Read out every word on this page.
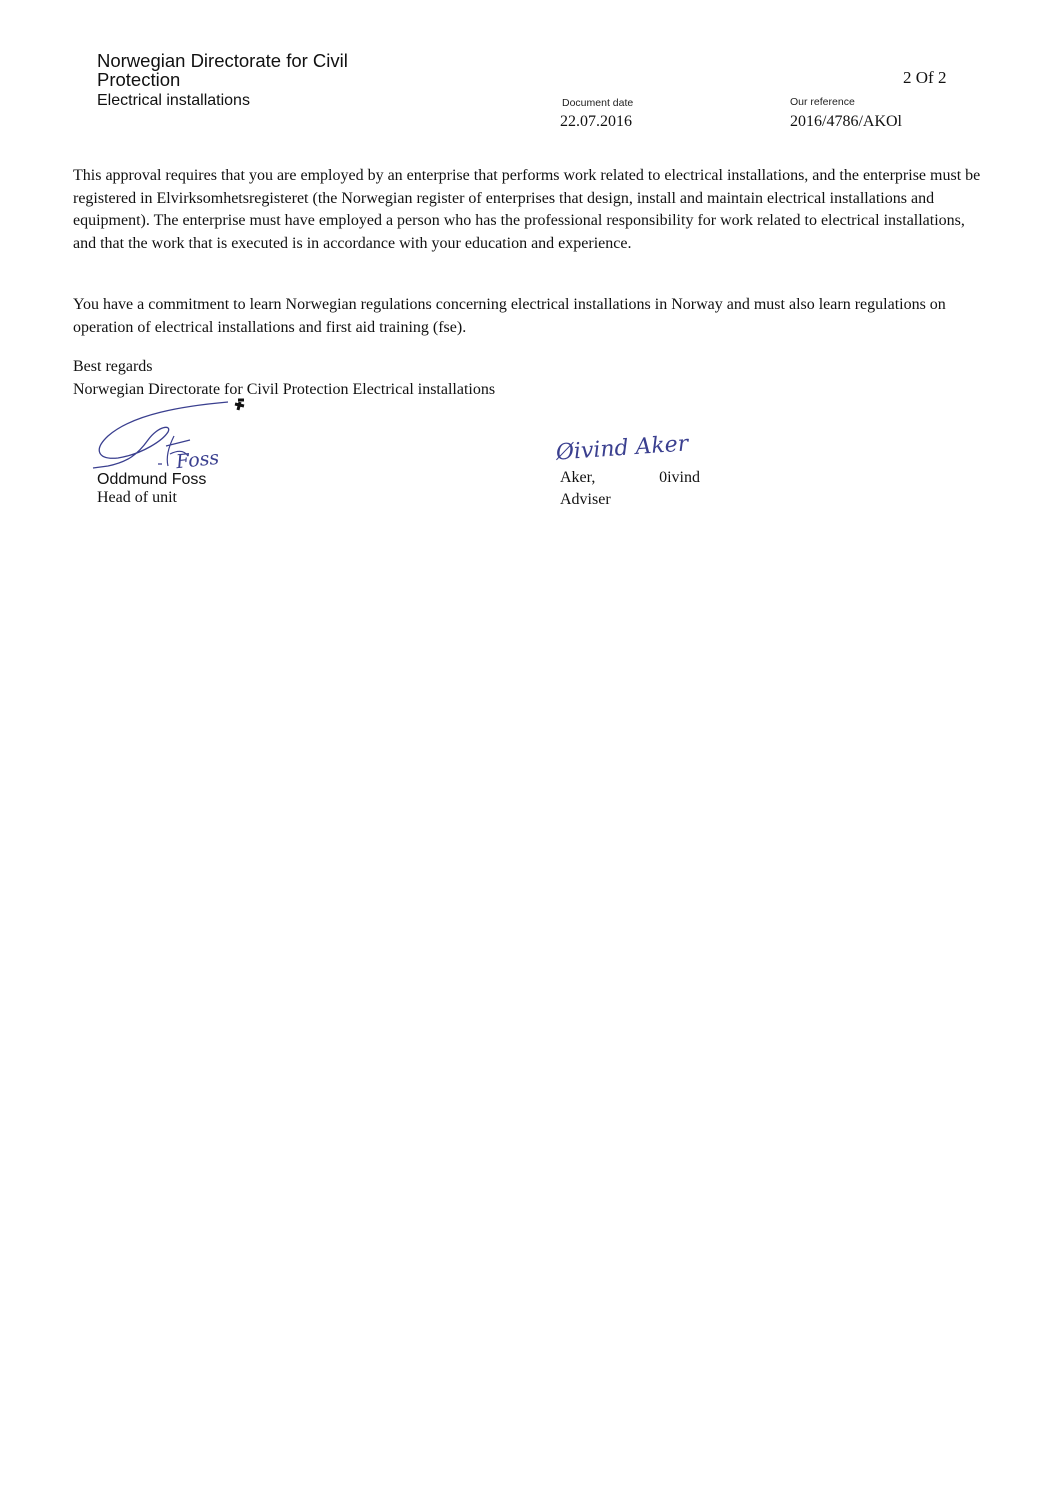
Norwegian Directorate for Civil Protection
Electrical installations
2 Of 2
Document date
22.07.2016
Our reference
2016/4786/AKOl

This approval requires that you are employed by an enterprise that performs work related to electrical installations, and the enterprise must be registered in Elvirksomhetsregisteret (the Norwegian register of enterprises that design, install and maintain electrical installations and equipment). The enterprise must have employed a person who has the professional responsibility for work related to electrical installations, and that the work that is executed is in accordance with your education and experience.

You have a commitment to learn Norwegian regulations concerning electrical installations in Norway and must also learn regulations on operation of electrical installations and first aid training (fse).

Best regards
Norwegian Directorate for Civil Protection Electrical installations
Foss
Oddmund Foss
Head of unit
Øivind Aker
Aker,	0ivind
Adviser
